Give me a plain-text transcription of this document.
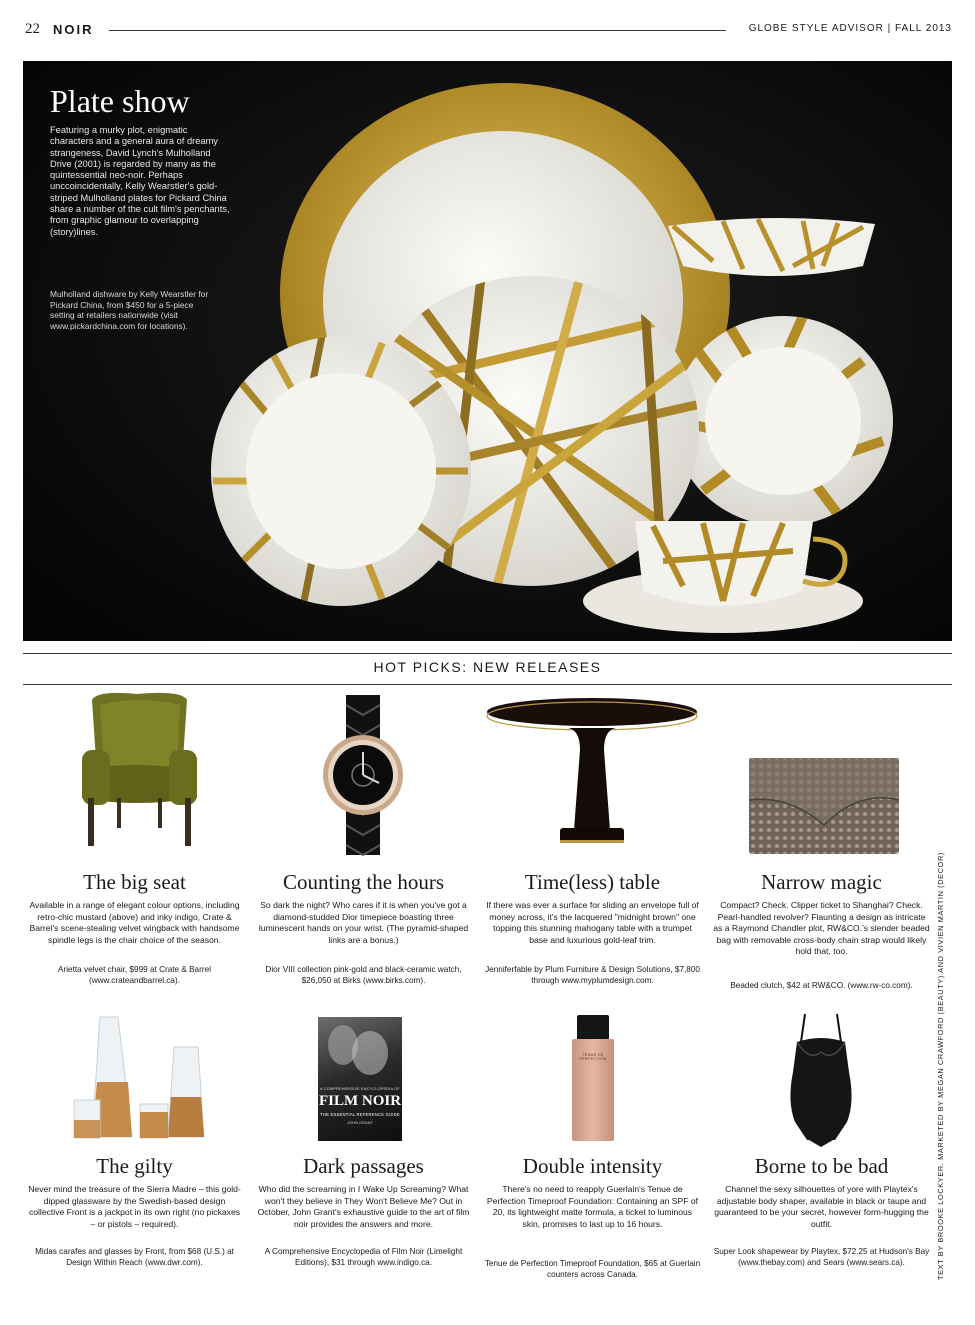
22 NOIR	GLOBE STYLE ADVISOR | FALL 2013
Plate show

Featuring a murky plot, enigmatic characters and a general aura of dreamy strangeness, David Lynch's Mulholland Drive (2001) is regarded by many as the quintessential neo-noir. Perhaps unccoincidentally, Kelly Wearstler's gold-striped Mulholland plates for Pickard China share a number of the cult film's penchants, from graphic glamour to overlapping (story)lines.

Mulholland dishware by Kelly Wearstler for Pickard China, from $450 for a 5-piece setting at retailers nationwide (visit www.pickardchina.com for locations).

HOT PICKS: NEW RELEASES
The big seat

Available in a range of elegant colour options, including retro-chic mustard (above) and inky indigo, Crate & Barrel's scene-stealing velvet wingback with handsome spindle legs is the chair choice of the season.

Arietta velvet chair, $999 at Crate & Barrel (www.crateandbarrel.ca).

Counting the hours

So dark the night? Who cares if it is when you've got a diamond-studded Dior timepiece boasting three luminescent hands on your wrist. (The pyramid-shaped links are a bonus.)

Dior VIII collection pink-gold and black-ceramic watch, $26,050 at Birks (www.birks.com).

Time(less) table

If there was ever a surface for sliding an envelope full of money across, it's the lacquered "midnight brown" one topping this stunning mahogany table with a trumpet base and luxurious gold-leaf trim.

Jenniferfable by Plum Furniture & Design Solutions, $7,800 through www.myplumdesign.com.

Narrow magic

Compact? Check. Clipper ticket to Shanghai? Check. Pearl-handled revolver? Flaunting a design as intricate as a Raymond Chandler plot, RW&CO.'s slender beaded bag with removable cross-body chain strap would likely hold that, too.

Beaded clutch, $42 at RW&CO. (www.rw-co.com).

The gilty

Never mind the treasure of the Sierra Madre – this gold-dipped glassware by the Swedish-based design collective Front is a jackpot in its own right (no pickaxes – or pistols – required).

Midas carafes and glasses by Front, from $68 (U.S.) at Design Within Reach (www.dwr.com).

A COMPREHENSIVE ENCYCLOPEDIA OF
FILM NOIR
THE ESSENTIAL REFERENCE GUIDE
JOHN GRANT
Dark passages

Who did the screaming in I Wake Up Screaming? What won't they believe in They Won't Believe Me? Out in October, John Grant's exhaustive guide to the art of film noir provides the answers and more.

A Comprehensive Encyclopedia of Film Noir (Limelight Editions), $31 through www.indigo.ca.

TENUE DE PERFECTION
Double intensity

There's no need to reapply Guerlain's Tenue de Perfection Timeproof Foundation: Containing an SPF of 20, its lightweight matte formula, a ticket to luminous skin, promises to last up to 16 hours.

Tenue de Perfection Timeproof Foundation, $65 at Guerlain counters across Canada.

Borne to be bad

Channel the sexy silhouettes of yore with Playtex's adjustable body shaper, available in black or taupe and guaranteed to be your secret, however form-hugging the outfit.

Super Look shapewear by Playtex, $72.25 at Hudson's Bay (www.thebay.com) and Sears (www.sears.ca).	TEXT BY BROOKE LOCKYER. MARKETED BY MEGAN CRAWFORD (BEAUTY) AND VIVIEN MARTIN (DECOR)
